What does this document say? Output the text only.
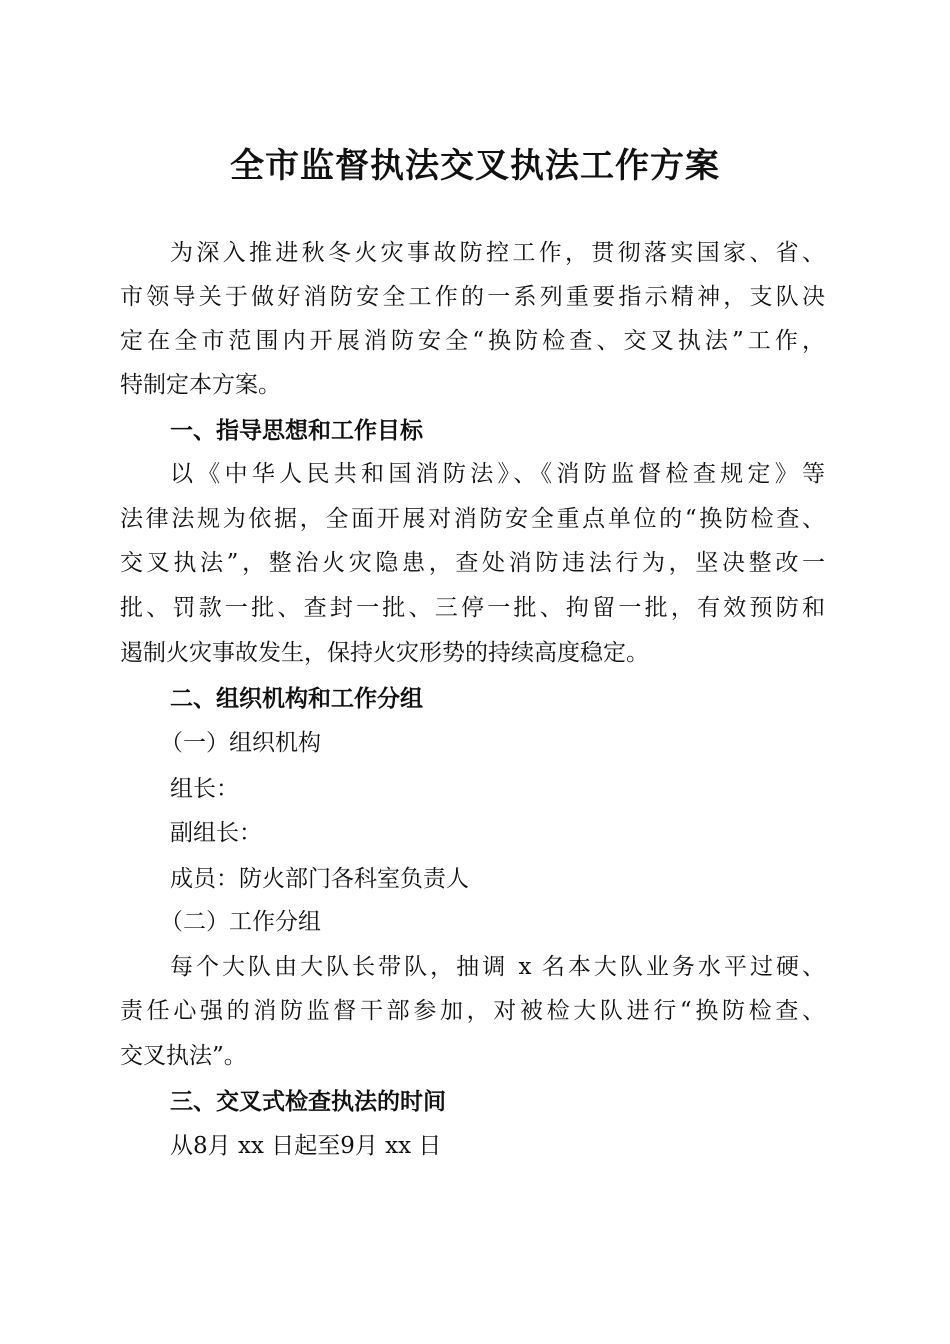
全市监督执法交叉执法工作方案
为深入推进秋冬火灾事故防控工作，贯彻落实国家、省、
市领导关于做好消防安全工作的一系列重要指示精神，支队决
定在全市范围内开展消防安全“换防检查、交叉执法”工作，
特制定本方案。
一、指导思想和工作目标
以《中华人民共和国消防法》、《消防监督检查规定》等
法律法规为依据，全面开展对消防安全重点单位的“换防检查、
交叉执法”，整治火灾隐患，查处消防违法行为，坚决整改一
批、罚款一批、查封一批、三停一批、拘留一批，有效预防和
遏制火灾事故发生，保持火灾形势的持续高度稳定。
二、组织机构和工作分组
（一）组织机构
组长：
副组长：
成员：防火部门各科室负责人
（二）工作分组
每个大队由大队长带队，抽调 x 名本大队业务水平过硬、
责任心强的消防监督干部参加，对被检大队进行“换防检查、
交叉执法”。
三、交叉式检查执法的时间
从8月 xx 日起至9月 xx 日
